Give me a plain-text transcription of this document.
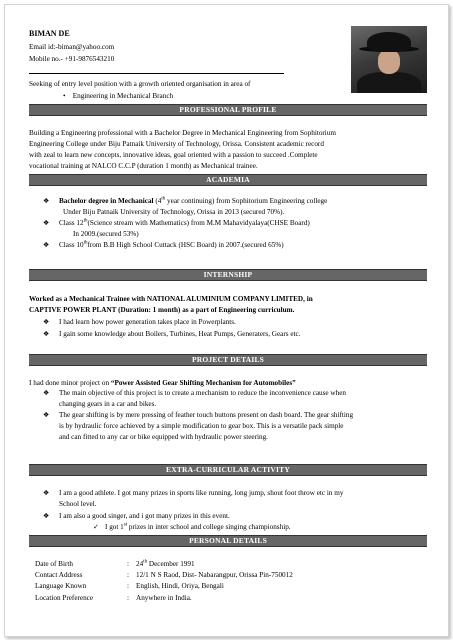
BIMAN DE
Email id:-biman@yahoo.com
Mobile no.- +91-9876543210
Seeking of entry level position with a growth oriented organisation in area of
• Engineering in Mechanical Branch
PROFESSIONAL PROFILE
Building a Engineering professional with a Bachelor Degree in Mechanical Engineering from Sophitorium
Engineering College under Biju Patnaik University of Technology, Orissa. Consistent academic record
with zeal to learn new concepts, innovative ideas, goal oriented with a passion to succeed .Complete
vocational training at NALCO C.C.P (duration 1 month) as Mechanical trainee.
ACADEMIA
❖ Bachelor degree in Mechanical (4th year continuing) from Sophitorium Engineering college
Under Biju Patnaik University of Technology, Orissa in 2013 (secured 70%).
❖ Class 12th(Science stream with Mathematics) from M.M Mahavidyalaya(CHSE Board)
In 2009.(secured 53%)
❖ Class 10thfrom B.B High School Cuttack (HSC Board) in 2007.(secured 65%)
INTERNSHIP
Worked as a Mechanical Trainee with NATIONAL ALUMINIUM COMPANY LIMITED, in
CAPTIVE POWER PLANT (Duration: 1 month) as a part of Engineering curriculum.
❖ I had learn how power generation takes place in Powerplants.
❖ I gain some knowledge about Boilers, Turbines, Heat Pumps, Generaters, Gears etc.
PROJECT DETAILS
I had done minor project on “Power Assisted Gear Shifting Mechanism for Automobiles”
❖ The main objective of this project is to create a mechanism to reduce the inconvenience cause when
changing gears in a car and bikes.
❖ The gear shifting is by mere pressing of feather touch buttons present on dash board. The gear shifting
is by hydraulic force achieved by a simple modification to gear box. This is a versatile pack simple
and can fitted to any car or bike equipped with hydraulic power steering.
EXTRA-CURRICULAR ACTIVITY
❖ I am a good athlete. I got many prizes in sports like running, long jump, shout foot throw etc in my
School level.
❖ I am also a good singer, and i got many prizes in this event.
✓ I got 1st prizes in inter school and college singing championship.
PERSONAL DETAILS
Date of Birth	: 24th December 1991
Contact Address	: 12/1 N S Raod, Dist- Nabarangpur, Orissa Pin-750012
Language Known	: English, Hindi, Oriya, Bengali
Location Preference	: Anywhere in India.
